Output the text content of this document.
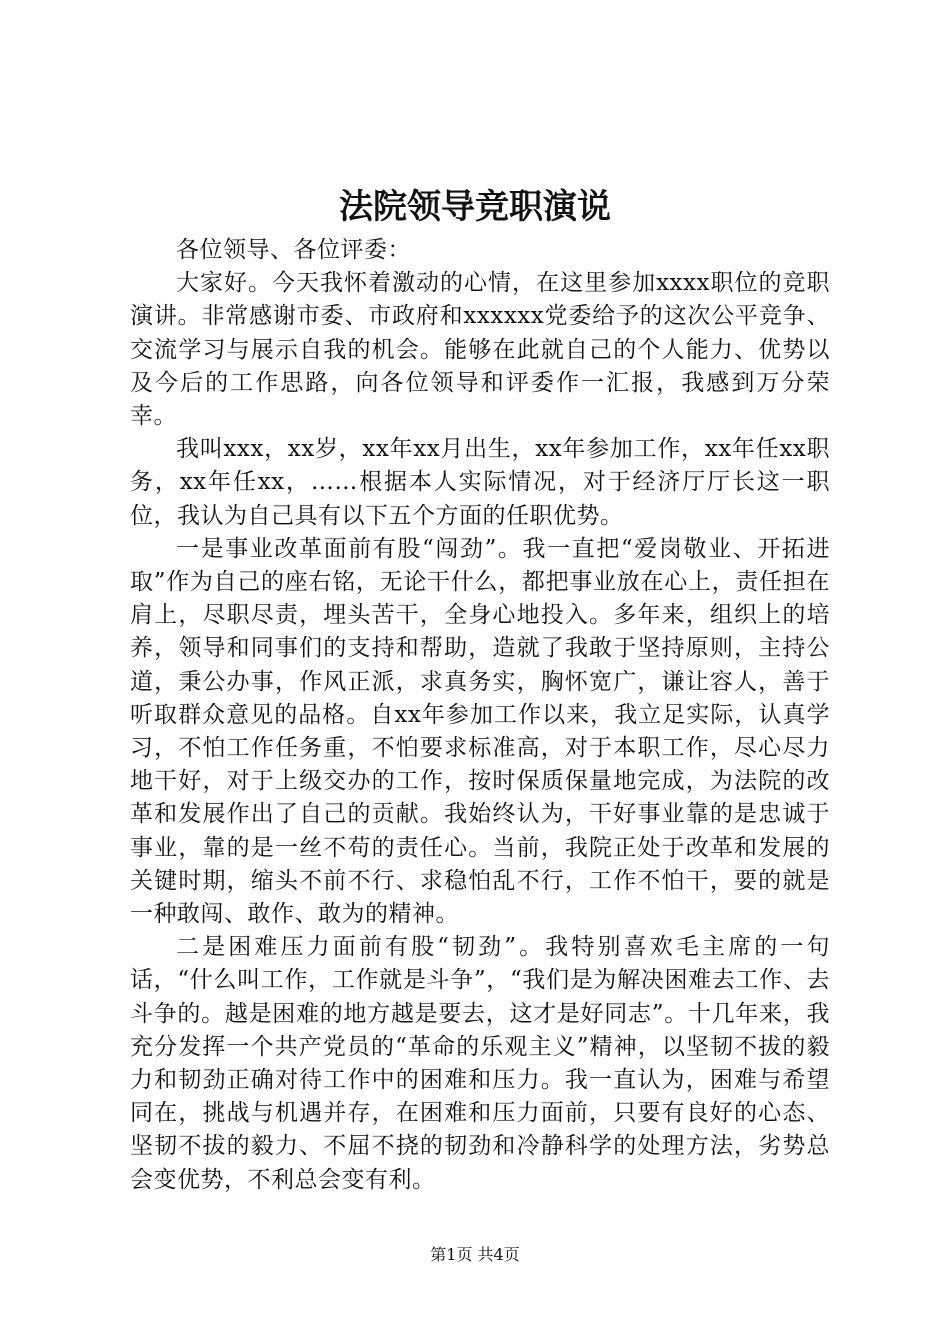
法院领导竞职演说

各位领导、各位评委：

大家好。今天我怀着激动的心情，在这里参加xxxx职位的竞职演讲。非常感谢市委、市政府和xxxxxx党委给予的这次公平竞争、交流学习与展示自我的机会。能够在此就自己的个人能力、优势以及今后的工作思路，向各位领导和评委作一汇报，我感到万分荣幸。

我叫xxx，xx岁，xx年xx月出生，xx年参加工作，xx年任xx职务，xx年任xx，……根据本人实际情况，对于经济厅厅长这一职位，我认为自己具有以下五个方面的任职优势。

一是事业改革面前有股“闯劲”。我一直把“爱岗敬业、开拓进取”作为自己的座右铭，无论干什么，都把事业放在心上，责任担在肩上，尽职尽责，埋头苦干，全身心地投入。多年来，组织上的培养，领导和同事们的支持和帮助，造就了我敢于坚持原则，主持公道，秉公办事，作风正派，求真务实，胸怀宽广，谦让容人，善于听取群众意见的品格。自xx年参加工作以来，我立足实际，认真学习，不怕工作任务重，不怕要求标准高，对于本职工作，尽心尽力地干好，对于上级交办的工作，按时保质保量地完成，为法院的改革和发展作出了自己的贡献。我始终认为，干好事业靠的是忠诚于事业，靠的是一丝不苟的责任心。当前，我院正处于改革和发展的关键时期，缩头不前不行、求稳怕乱不行，工作不怕干，要的就是一种敢闯、敢作、敢为的精神。

二是困难压力面前有股“韧劲”。我特别喜欢毛主席的一句话，“什么叫工作，工作就是斗争”，“我们是为解决困难去工作、去斗争的。越是困难的地方越是要去，这才是好同志”。十几年来，我充分发挥一个共产党员的“革命的乐观主义”精神，以坚韧不拔的毅力和韧劲正确对待工作中的困难和压力。我一直认为，困难与希望同在，挑战与机遇并存，在困难和压力面前，只要有良好的心态、坚韧不拔的毅力、不屈不挠的韧劲和冷静科学的处理方法，劣势总会变优势，不利总会变有利。

第1页 共4页
